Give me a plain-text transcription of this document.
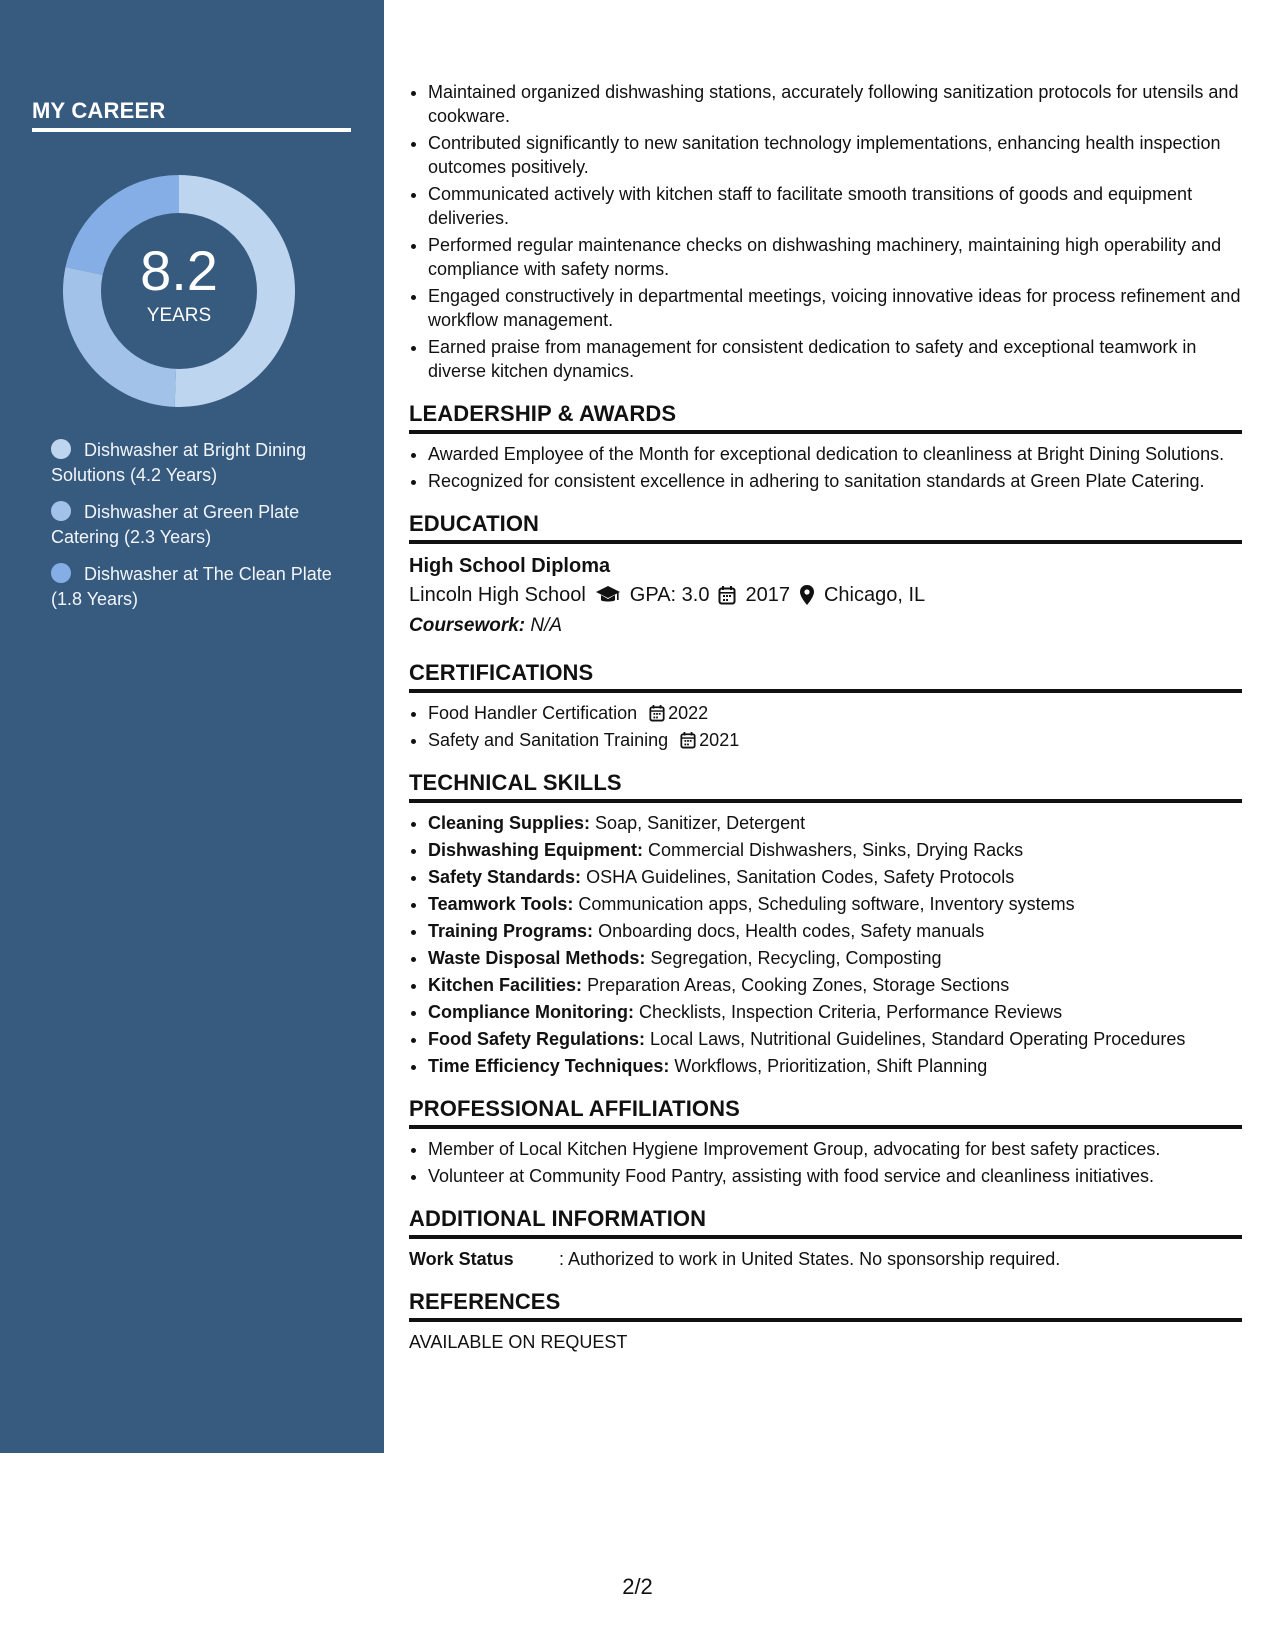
MY CAREER
8.2
YEARS
Dishwasher at Bright Dining Solutions (4.2 Years)
Dishwasher at Green Plate Catering (2.3 Years)
Dishwasher at The Clean Plate (1.8 Years)
• Maintained organized dishwashing stations, accurately following sanitization protocols for utensils and cookware.
• Contributed significantly to new sanitation technology implementations, enhancing health inspection outcomes positively.
• Communicated actively with kitchen staff to facilitate smooth transitions of goods and equipment deliveries.
• Performed regular maintenance checks on dishwashing machinery, maintaining high operability and compliance with safety norms.
• Engaged constructively in departmental meetings, voicing innovative ideas for process refinement and workflow management.
• Earned praise from management for consistent dedication to safety and exceptional teamwork in diverse kitchen dynamics.
LEADERSHIP & AWARDS
• Awarded Employee of the Month for exceptional dedication to cleanliness at Bright Dining Solutions.
• Recognized for consistent excellence in adhering to sanitation standards at Green Plate Catering.
EDUCATION
High School Diploma
Lincoln High School GPA: 3.0 2017 Chicago, IL
Coursework: N/A
CERTIFICATIONS
• Food Handler Certification 2022
• Safety and Sanitation Training 2021
TECHNICAL SKILLS
• Cleaning Supplies: Soap, Sanitizer, Detergent
• Dishwashing Equipment: Commercial Dishwashers, Sinks, Drying Racks
• Safety Standards: OSHA Guidelines, Sanitation Codes, Safety Protocols
• Teamwork Tools: Communication apps, Scheduling software, Inventory systems
• Training Programs: Onboarding docs, Health codes, Safety manuals
• Waste Disposal Methods: Segregation, Recycling, Composting
• Kitchen Facilities: Preparation Areas, Cooking Zones, Storage Sections
• Compliance Monitoring: Checklists, Inspection Criteria, Performance Reviews
• Food Safety Regulations: Local Laws, Nutritional Guidelines, Standard Operating Procedures
• Time Efficiency Techniques: Workflows, Prioritization, Shift Planning
PROFESSIONAL AFFILIATIONS
• Member of Local Kitchen Hygiene Improvement Group, advocating for best safety practices.
• Volunteer at Community Food Pantry, assisting with food service and cleanliness initiatives.
ADDITIONAL INFORMATION
Work Status	: Authorized to work in United States. No sponsorship required.
REFERENCES
AVAILABLE ON REQUEST
2/2
